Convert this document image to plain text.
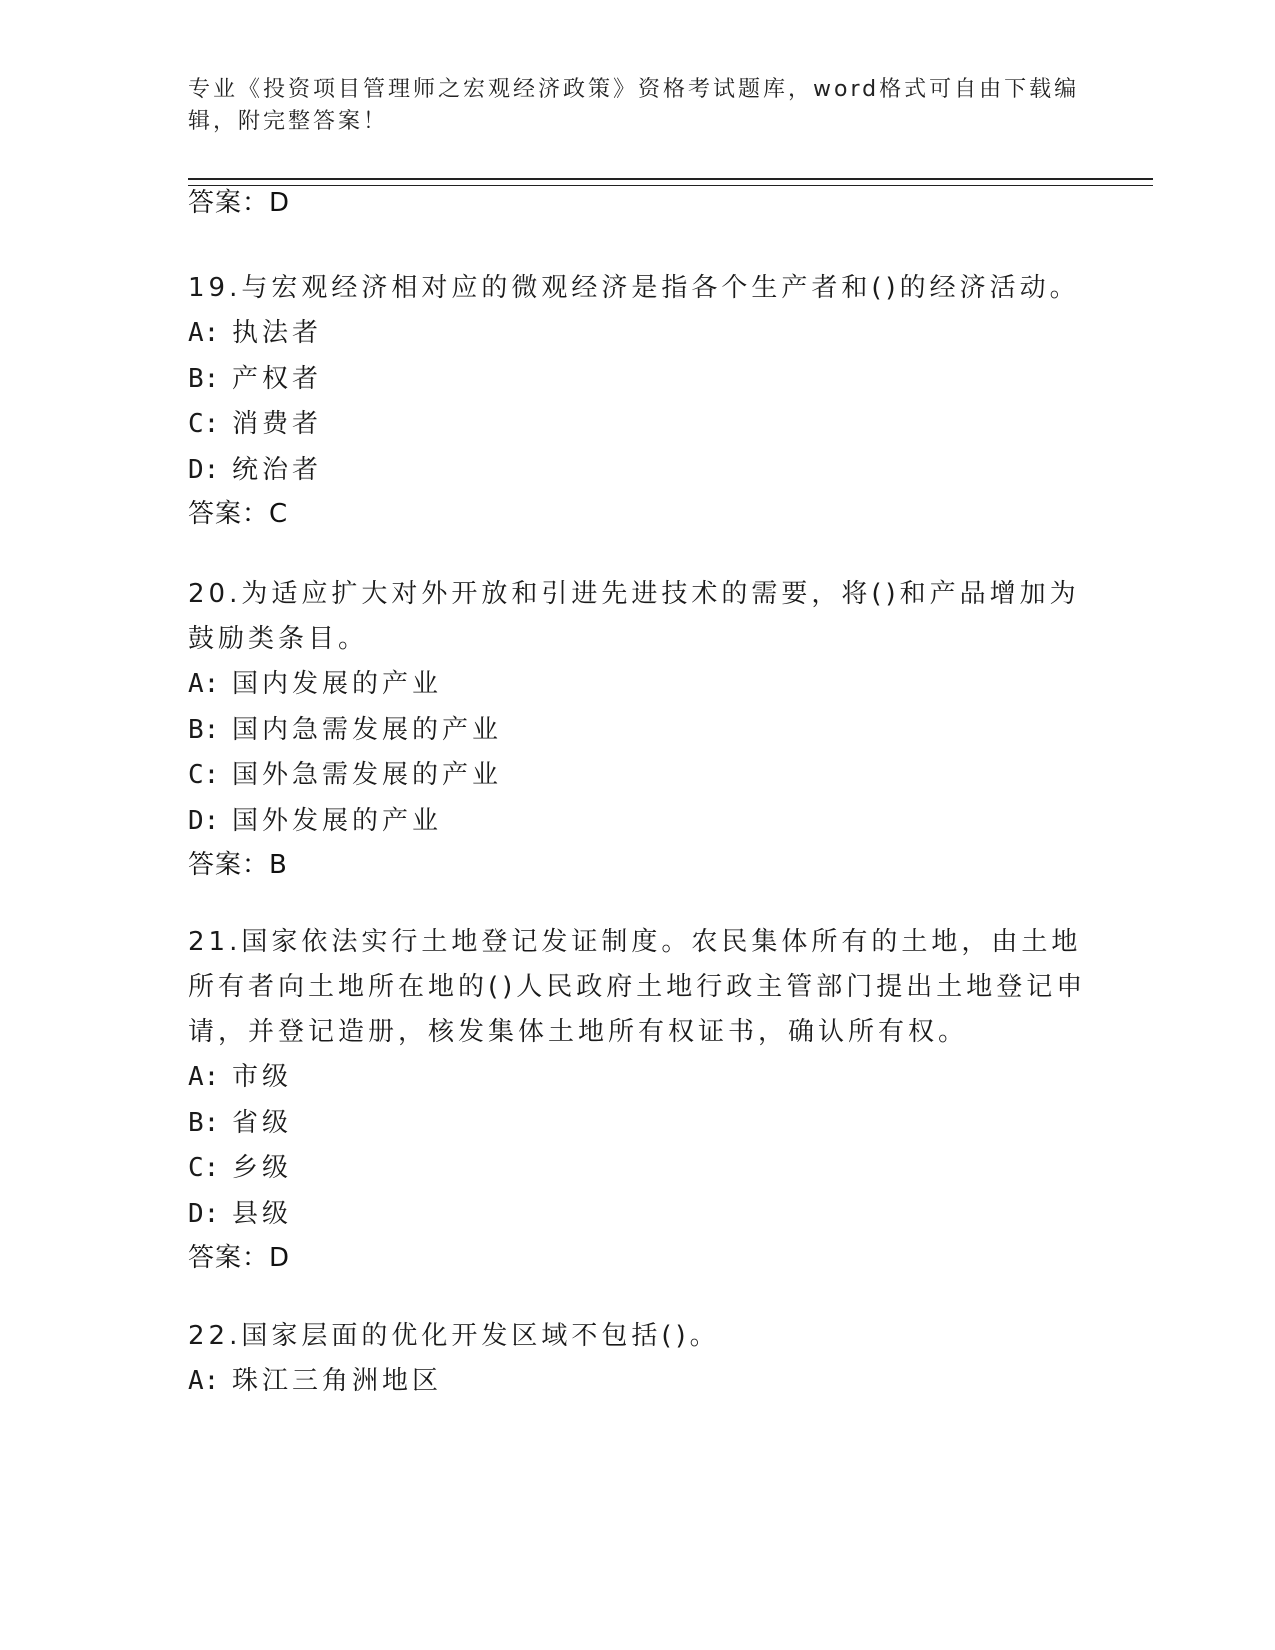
专业《投资项目管理师之宏观经济政策》资格考试题库，word格式可自由下载编辑，附完整答案！
答案：D
19.与宏观经济相对应的微观经济是指各个生产者和()的经济活动。
A: 执法者
B: 产权者
C: 消费者
D: 统治者
答案：C
20.为适应扩大对外开放和引进先进技术的需要，将()和产品增加为鼓励类条目。
A: 国内发展的产业
B: 国内急需发展的产业
C: 国外急需发展的产业
D: 国外发展的产业
答案：B
21.国家依法实行土地登记发证制度。农民集体所有的土地，由土地所有者向土地所在地的()人民政府土地行政主管部门提出土地登记申请，并登记造册，核发集体土地所有权证书，确认所有权。
A: 市级
B: 省级
C: 乡级
D: 县级
答案：D
22.国家层面的优化开发区域不包括()。
A: 珠江三角洲地区
